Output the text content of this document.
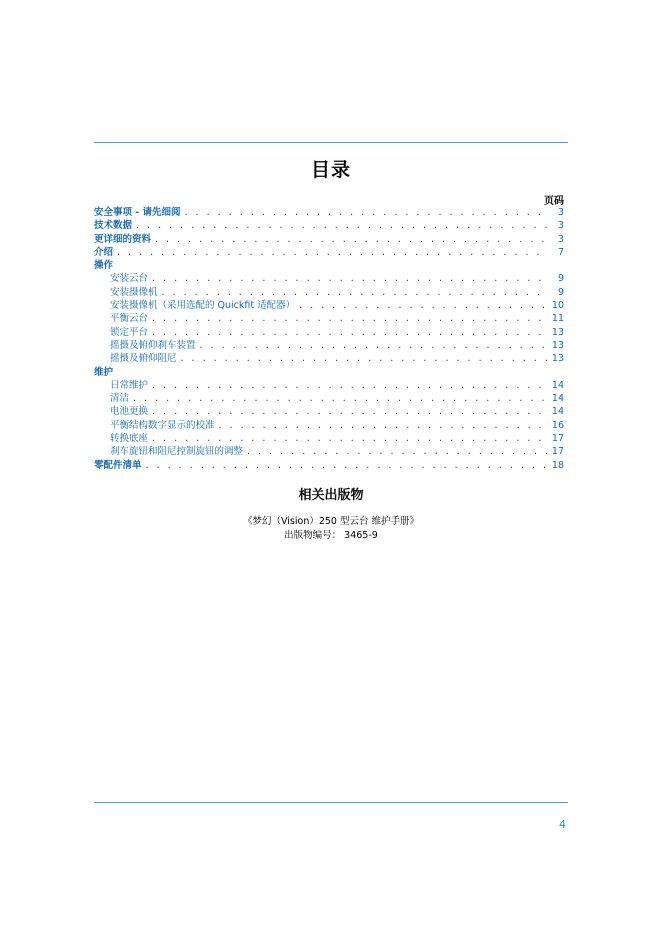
目录
页码
安全事项 - 请先细阅 . . .	3
技术数据 . . .	3
更详细的资料 . . .	3
介绍 . . .	7
操作
安装云台 . . .	9
安装摄像机 . . .	9
安装摄像机（采用选配的 Quickfit 适配器） . . .	10
平衡云台 . . .	11
锁定平台 . . .	13
摇摄及俯仰刹车装置 . . .	13
摇摄及俯仰阻尼 . . .	13
维护
日常维护 . . .	14
清洁 . . .	14
电池更换 . . .	14
平衡结构数字显示的校准 . . .	16
转换底座 . . .	17
刹车旋钮和阻尼控制旋钮的调整 . . .	17
零配件清单 . . .	18
相关出版物
《梦幻（Vision）250 型云台 维护手册》
出版物编号： 3465-9
4
